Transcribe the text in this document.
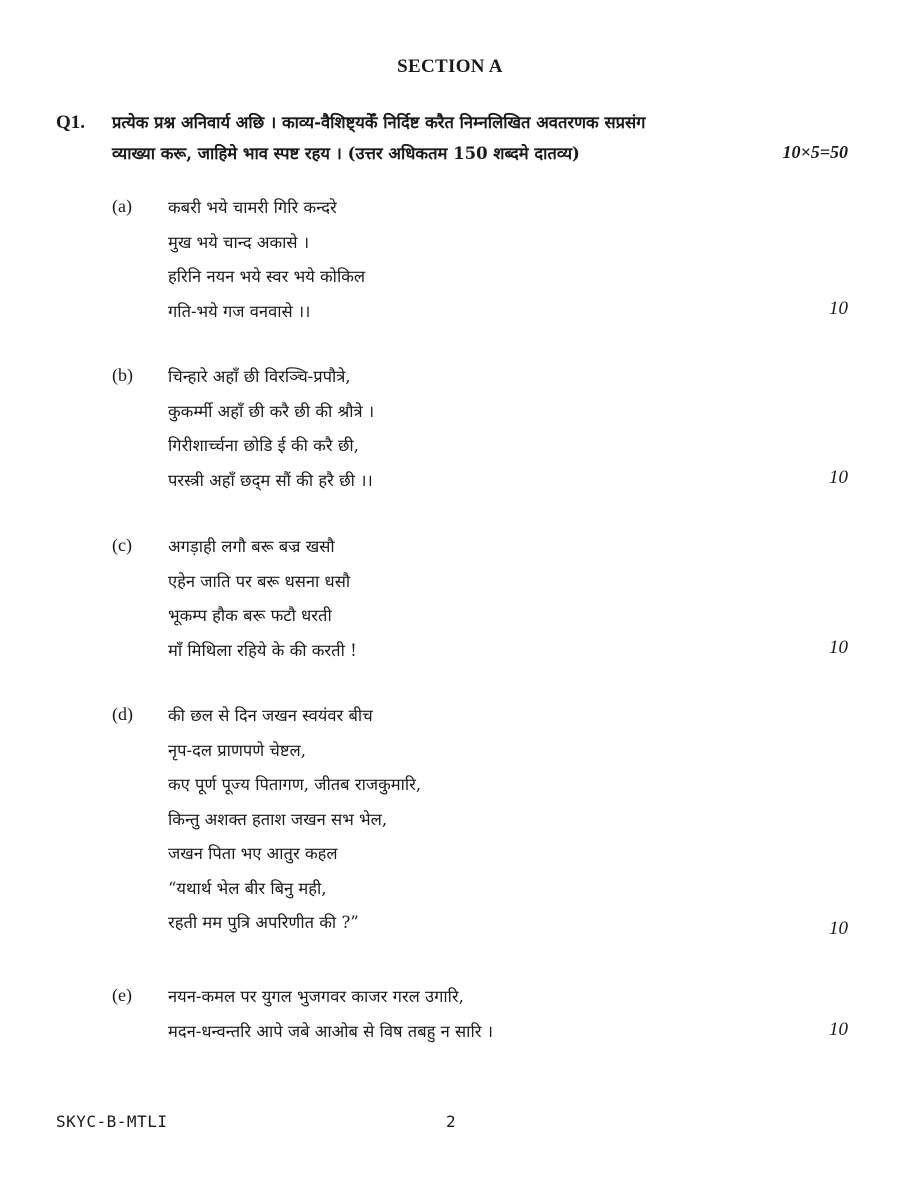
SECTION A
Q1. प्रत्येक प्रश्न अनिवार्य अछि । काव्य-वैशिष्ट्यकेँ निर्दिष्ट करैत निम्नलिखित अवतरणक सप्रसंग
व्याख्या करू, जाहिमे भाव स्पष्ट रहय । (उत्तर अधिकतम 150 शब्दमे दातव्य)	10×5=50
(a) कबरी भये चामरी गिरि कन्दरे
मुख भये चान्द अकासे ।
हरिनि नयन भये स्वर भये कोकिल
गति-भये गज वनवासे ।।	10
(b) चिन्हारे अहाँ छी विरञ्चि-प्रपौत्रे,
कुकर्म्मी अहाँ छी करै छी की श्रौत्रे ।
गिरीशार्च्चना छोडि ई की करै छी,
परस्त्री अहाँ छद्‌म सौं की हरै छी ।।	10
(c) अगड़ाही लगौ बरू बज्र खसौ
एहेन जाति पर बरू धसना धसौ
भूकम्प हौक बरू फटौ धरती
माँ मिथिला रहिये के की करती !	10
(d) की छल से दिन जखन स्वयंवर बीच
नृप-दल प्राणपणे चेष्टल,
कए पूर्ण पूज्य पितागण, जीतब राजकुमारि,
किन्तु अशक्त हताश जखन सभ भेल,
जखन पिता भए आतुर कहल
“यथार्थ भेल बीर बिनु मही,
रहती मम पुत्रि अपरिणीत की ?”	10
(e) नयन-कमल पर युगल भुजगवर काजर गरल उगारि,
मदन-धन्वन्तरि आपे जबे आओब से विष तबहु न सारि ।	10
SKYC-B-MTLI	2
